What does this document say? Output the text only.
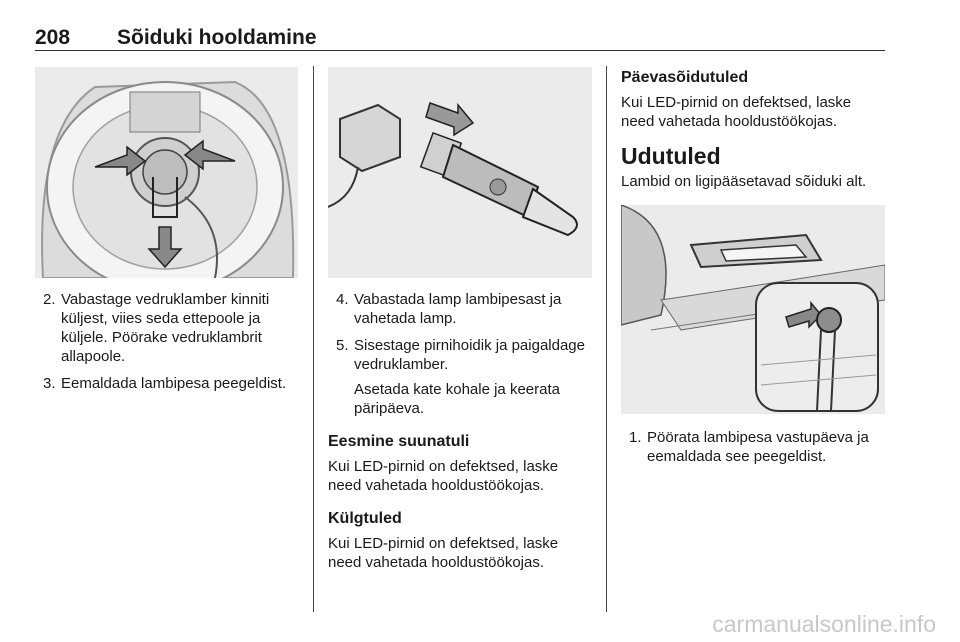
208 Sõiduki hooldamine
2. Vabastage vedruklamber kinniti küljest, viies seda ettepoole ja küljele. Pöörake vedruklambrit allapoole.
3. Eemaldada lambipesa peegeldist.
4. Vabastada lamp lambipesast ja vahetada lamp.
5. Sisestage pirnihoidik ja paigaldage vedruklamber.

Asetada kate kohale ja keerata päripäeva.

Eesmine suunatuli

Kui LED-pirnid on defektsed, laske need vahetada hooldustöökojas.

Külgtuled

Kui LED-pirnid on defektsed, laske need vahetada hooldustöökojas.

Päevasõidutuled

Kui LED-pirnid on defektsed, laske need vahetada hooldustöökojas.

Udutuled

Lambid on ligipääsetavad sõiduki alt.

1. Pöörata lambipesa vastupäeva ja eemaldada see peegeldist.
carmanualsonline.info
